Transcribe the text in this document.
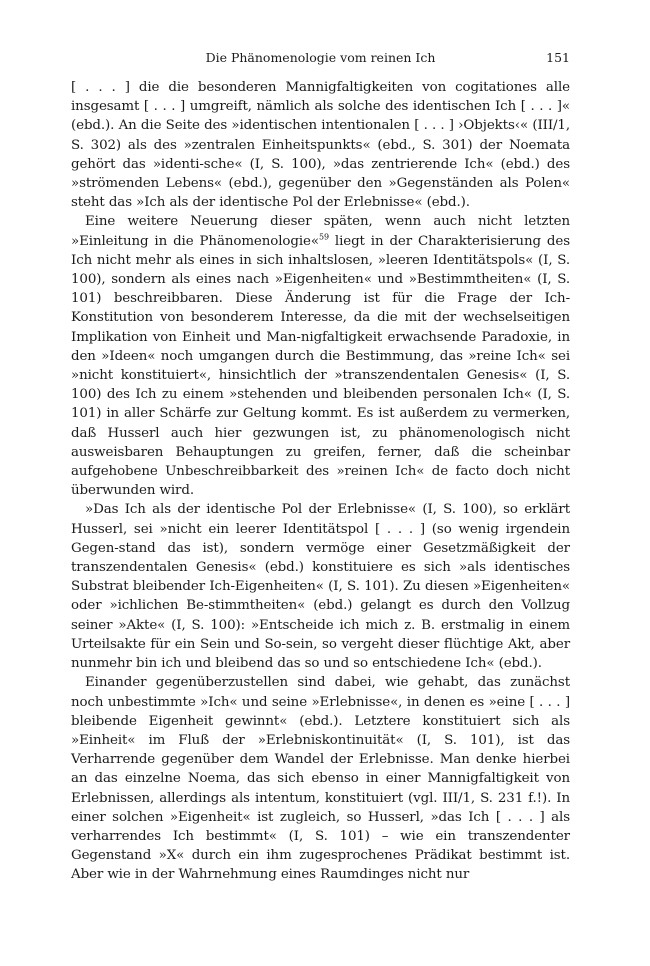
Die Phänomenologie vom reinen Ich	151

[ . . . ] die die besonderen Mannigfaltigkeiten von cogitationes alle insgesamt [ . . . ] umgreift, nämlich als solche des identischen Ich [ . . . ]« (ebd.). An die Seite des »identischen intentionalen [ . . . ] ›Objekts‹« (III/1, S. 302) als des »zentralen Einheitspunkts« (ebd., S. 301) der Noemata gehört das »identi-sche« (I, S. 100), »das zentrierende Ich« (ebd.) des »strömenden Lebens« (ebd.), gegenüber den »Gegenständen als Polen« steht das »Ich als der identische Pol der Erlebnisse« (ebd.).

Eine weitere Neuerung dieser späten, wenn auch nicht letzten »Einleitung in die Phänomenologie«$^{59}$ liegt in der Charakterisierung des Ich nicht mehr als eines in sich inhaltslosen, »leeren Identitätspols« (I, S. 100), sondern als eines nach »Eigenheiten« und »Bestimmtheiten« (I, S. 101) beschreibbaren. Diese Änderung ist für die Frage der Ich-Konstitution von besonderem Interesse, da die mit der wechselseitigen Implikation von Einheit und Man-nigfaltigkeit erwachsende Paradoxie, in den »Ideen« noch umgangen durch die Bestimmung, das »reine Ich« sei »nicht konstituiert«, hinsichtlich der »transzendentalen Genesis« (I, S. 100) des Ich zu einem »stehenden und bleibenden personalen Ich« (I, S. 101) in aller Schärfe zur Geltung kommt. Es ist außerdem zu vermerken, daß Husserl auch hier gezwungen ist, zu phänomenologisch nicht ausweisbaren Behauptungen zu greifen, ferner, daß die scheinbar aufgehobene Unbeschreibbarkeit des »reinen Ich« de facto doch nicht überwunden wird.

»Das Ich als der identische Pol der Erlebnisse« (I, S. 100), so erklärt Husserl, sei »nicht ein leerer Identitätspol [ . . . ] (so wenig irgendein Gegen-stand das ist), sondern vermöge einer Gesetzmäßigkeit der transzendentalen Genesis« (ebd.) konstituiere es sich »als identisches Substrat bleibender Ich-Eigenheiten« (I, S. 101). Zu diesen »Eigenheiten« oder »ichlichen Be-stimmtheiten« (ebd.) gelangt es durch den Vollzug seiner »Akte« (I, S. 100): »Entscheide ich mich z. B. erstmalig in einem Urteilsakte für ein Sein und So-sein, so vergeht dieser flüchtige Akt, aber nunmehr bin ich und bleibend das so und so entschiedene Ich« (ebd.).

Einander gegenüberzustellen sind dabei, wie gehabt, das zunächst noch unbestimmte »Ich« und seine »Erlebnisse«, in denen es »eine [ . . . ] bleibende Eigenheit gewinnt« (ebd.). Letztere konstituiert sich als »Einheit« im Fluß der »Erlebniskontinuität« (I, S. 101), ist das Verharrende gegenüber dem Wandel der Erlebnisse. Man denke hierbei an das einzelne Noema, das sich ebenso in einer Mannigfaltigkeit von Erlebnissen, allerdings als intentum, konstituiert (vgl. III/1, S. 231 f.!). In einer solchen »Eigenheit« ist zugleich, so Husserl, »das Ich [ . . . ] als verharrendes Ich bestimmt« (I, S. 101) – wie ein transzendenter Gegenstand »X« durch ein ihm zugesprochenes Prädikat bestimmt ist. Aber wie in der Wahrnehmung eines Raumdinges nicht nur
